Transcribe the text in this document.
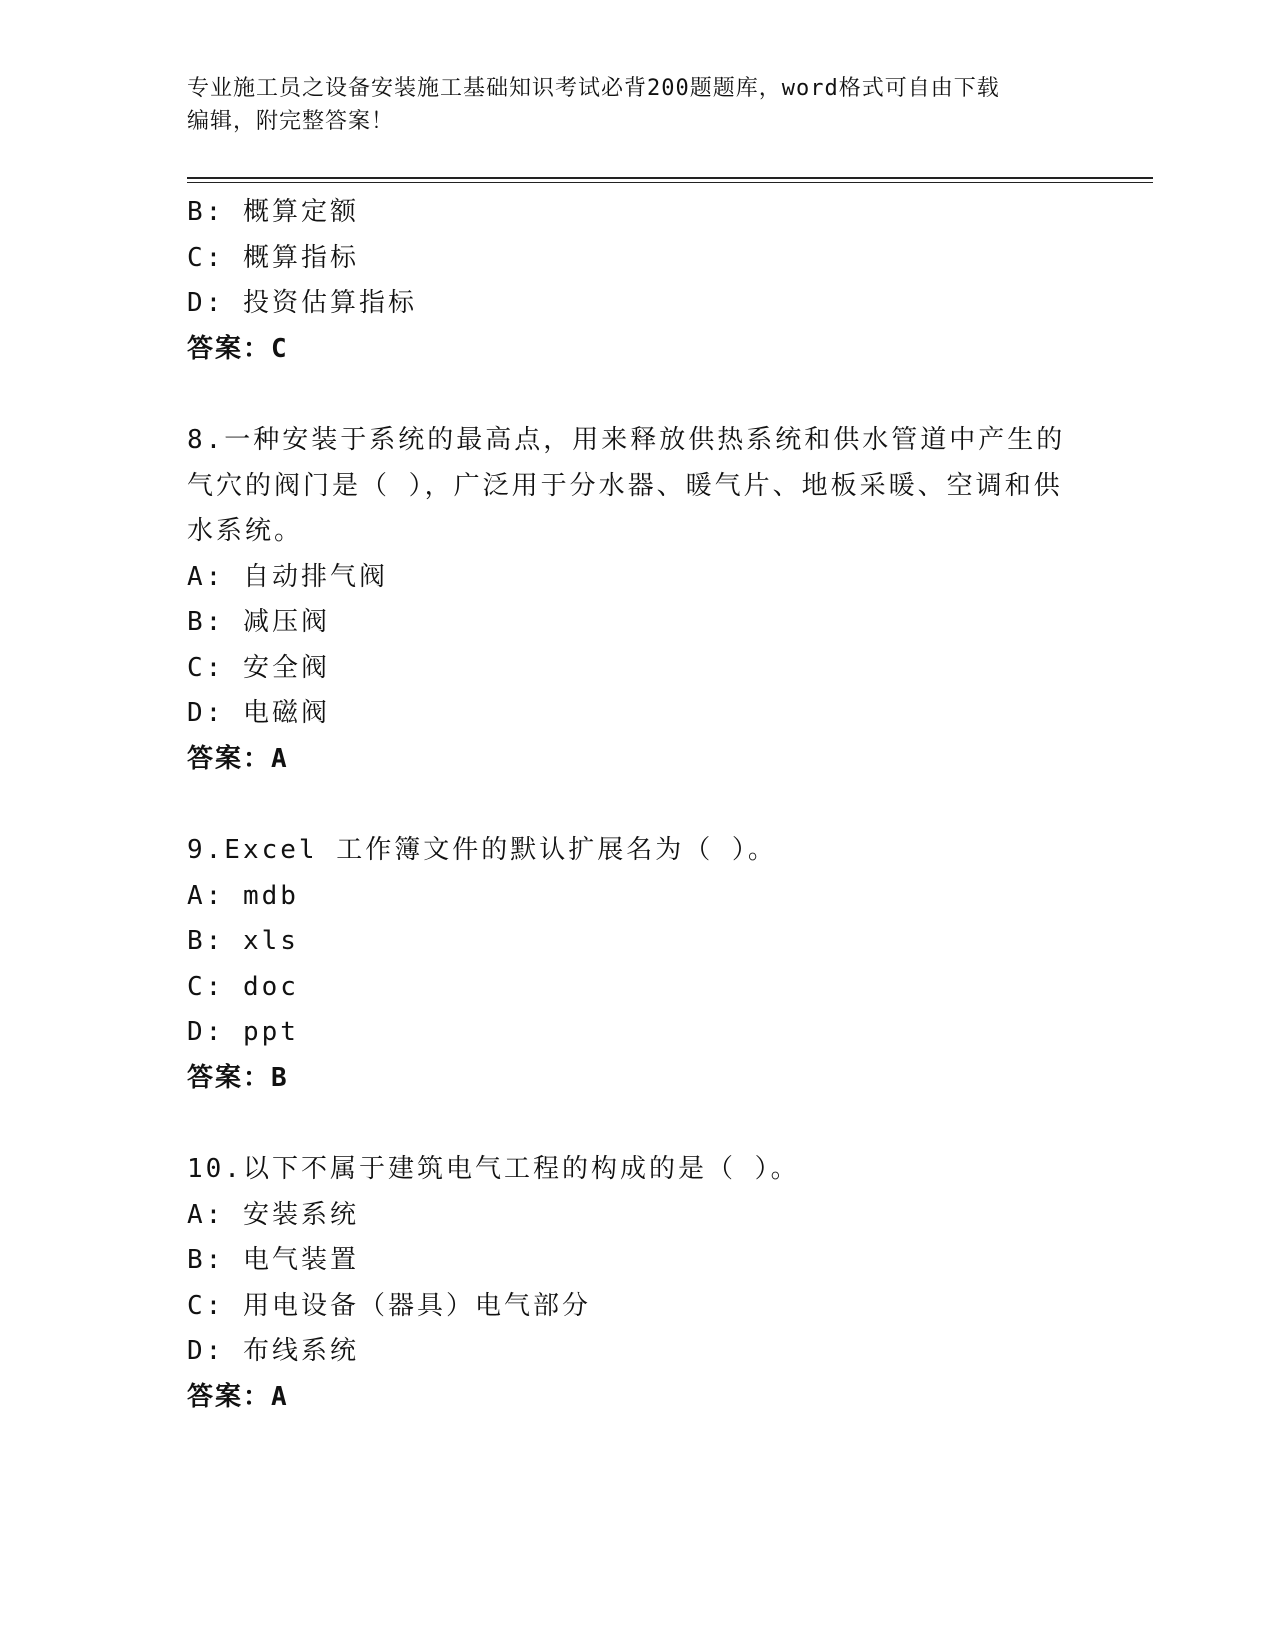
专业施工员之设备安装施工基础知识考试必背200题题库，word格式可自由下载
编辑，附完整答案！
B: 概算定额
C: 概算指标
D: 投资估算指标
答案：C
8.一种安装于系统的最高点，用来释放供热系统和供水管道中产生的
气穴的阀门是（ ），广泛用于分水器、暖气片、地板采暖、空调和供
水系统。
A: 自动排气阀
B: 减压阀
C: 安全阀
D: 电磁阀
答案：A
9.Excel 工作簿文件的默认扩展名为（ ）。
A: mdb
B: xls
C: doc
D: ppt
答案：B
10.以下不属于建筑电气工程的构成的是（ ）。
A: 安装系统
B: 电气装置
C: 用电设备（器具）电气部分
D: 布线系统
答案：A
